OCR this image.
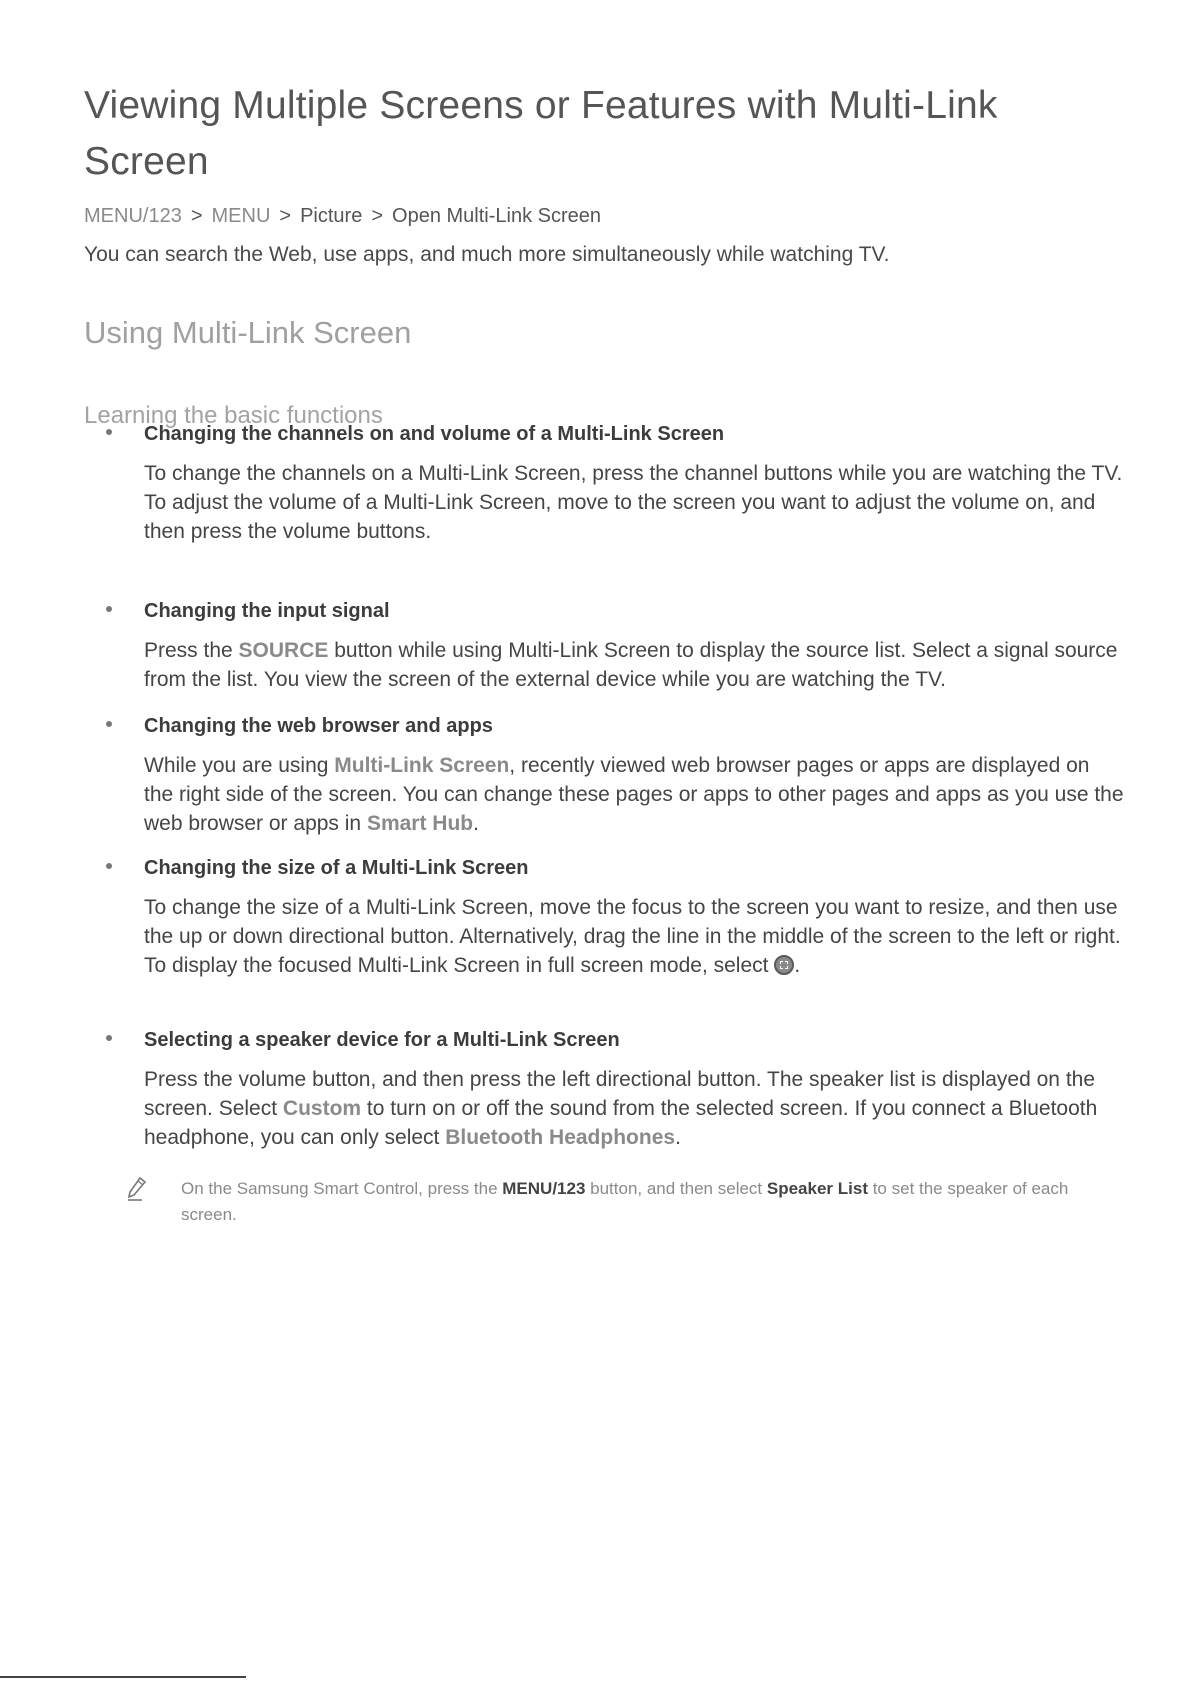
Viewing Multiple Screens or Features with Multi-Link Screen
MENU/123 > MENU > Picture > Open Multi-Link Screen

You can search the Web, use apps, and much more simultaneously while watching TV.

Using Multi-Link Screen
Learning the basic functions

Changing the channels on and volume of a Multi-Link Screen

To change the channels on a Multi-Link Screen, press the channel buttons while you are watching the TV. To adjust the volume of a Multi-Link Screen, move to the screen you want to adjust the volume on, and then press the volume buttons.

Changing the input signal

Press the SOURCE button while using Multi-Link Screen to display the source list. Select a signal source from the list. You view the screen of the external device while you are watching the TV.

Changing the web browser and apps

While you are using Multi-Link Screen, recently viewed web browser pages or apps are displayed on the right side of the screen. You can change these pages or apps to other pages and apps as you use the web browser or apps in Smart Hub.

Changing the size of a Multi-Link Screen

To change the size of a Multi-Link Screen, move the focus to the screen you want to resize, and then use the up or down directional button. Alternatively, drag the line in the middle of the screen to the left or right. To display the focused Multi-Link Screen in full screen mode, select .

Selecting a speaker device for a Multi-Link Screen

Press the volume button, and then press the left directional button. The speaker list is displayed on the screen. Select Custom to turn on or off the sound from the selected screen. If you connect a Bluetooth headphone, you can only select Bluetooth Headphones.

On the Samsung Smart Control, press the MENU/123 button, and then select Speaker List to set the speaker of each screen.
